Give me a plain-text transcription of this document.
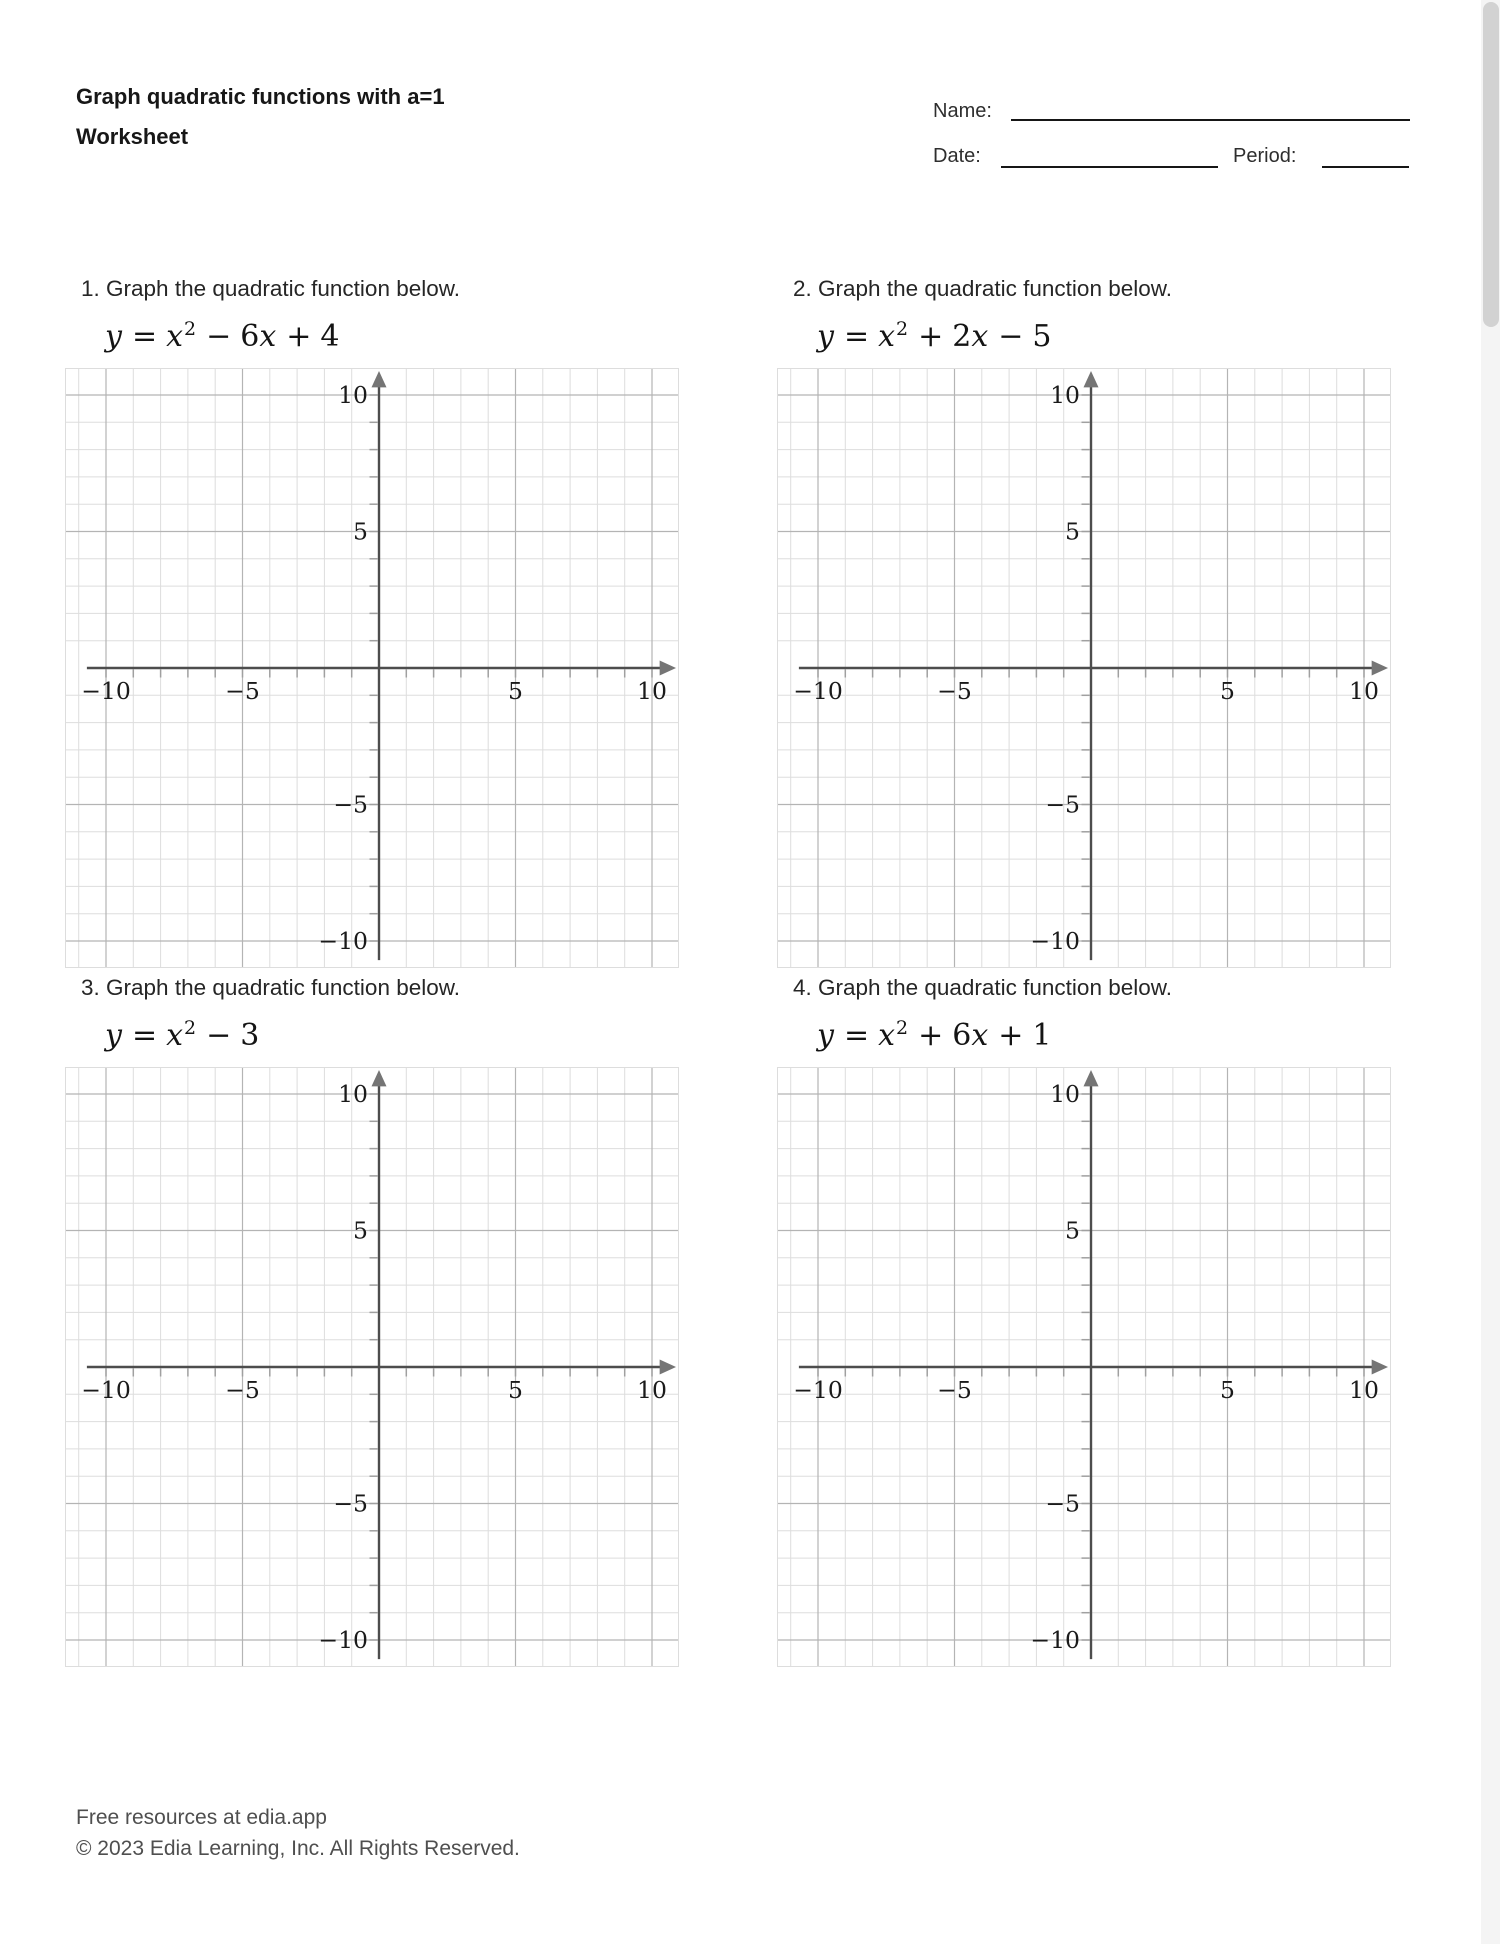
Graph quadratic functions with a=1
Worksheet
Name:
Date:	Period:
1. Graph the quadratic function below.
y = x2 − 6x + 4
−10	−5	5	10
10
5
−5
−10
2. Graph the quadratic function below.
y = x2 + 2x − 5
−10	−5	5	10
10
5
−5
−10
3. Graph the quadratic function below.
y = x2 − 3
−10	−5	5	10
10
5
−5
−10
4. Graph the quadratic function below.
y = x2 + 6x + 1
−10	−5	5	10
10
5
−5
−10
Free resources at edia.app
© 2023 Edia Learning, Inc. All Rights Reserved.
